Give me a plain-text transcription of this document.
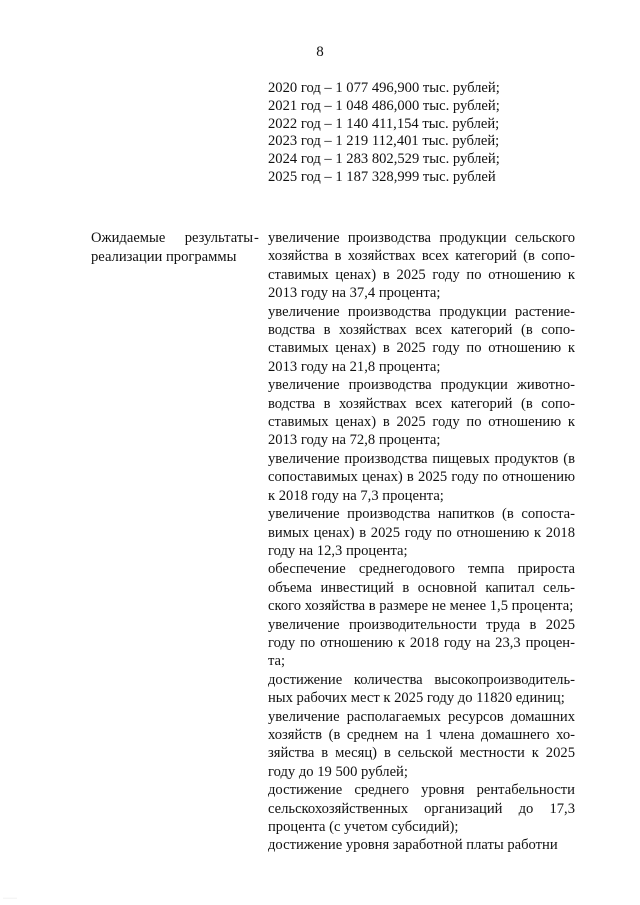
8
2020 год – 1 077 496,900 тыс. рублей;
2021 год – 1 048 486,000 тыс. рублей;
2022 год – 1 140 411,154 тыс. рублей;
2023 год – 1 219 112,401 тыс. рублей;
2024 год – 1 283 802,529 тыс. рублей;
2025 год – 1 187 328,999 тыс. рублей
Ожидаемые результаты реализации программы
- увеличение производства продукции сельского хозяйства в хозяйствах всех категорий (в сопоставимых ценах) в 2025 году по отношению к 2013 году на 37,4 процента;
увеличение производства продукции растениеводства в хозяйствах всех категорий (в сопоставимых ценах) в 2025 году по отношению к 2013 году на 21,8 процента;
увеличение производства продукции животноводства в хозяйствах всех категорий (в сопоставимых ценах) в 2025 году по отношению к 2013 году на 72,8 процента;
увеличение производства пищевых продуктов (в сопоставимых ценах) в 2025 году по отношению к 2018 году на 7,3 процента;
увеличение производства напитков (в сопоставимых ценах) в 2025 году по отношению к 2018 году на 12,3 процента;
обеспечение среднегодового темпа прироста объема инвестиций в основной капитал сельского хозяйства в размере не менее 1,5 процента;
увеличение производительности труда в 2025 году по отношению к 2018 году на 23,3 процента;
достижение количества высокопроизводительных рабочих мест к 2025 году до 11820 единиц;
увеличение располагаемых ресурсов домашних хозяйств (в среднем на 1 члена домашнего хозяйства в месяц) в сельской местности к 2025 году до 19 500 рублей;
достижение среднего уровня рентабельности сельскохозяйственных организаций до 17,3 процента (с учетом субсидий);
достижение уровня заработной платы работни
·······
